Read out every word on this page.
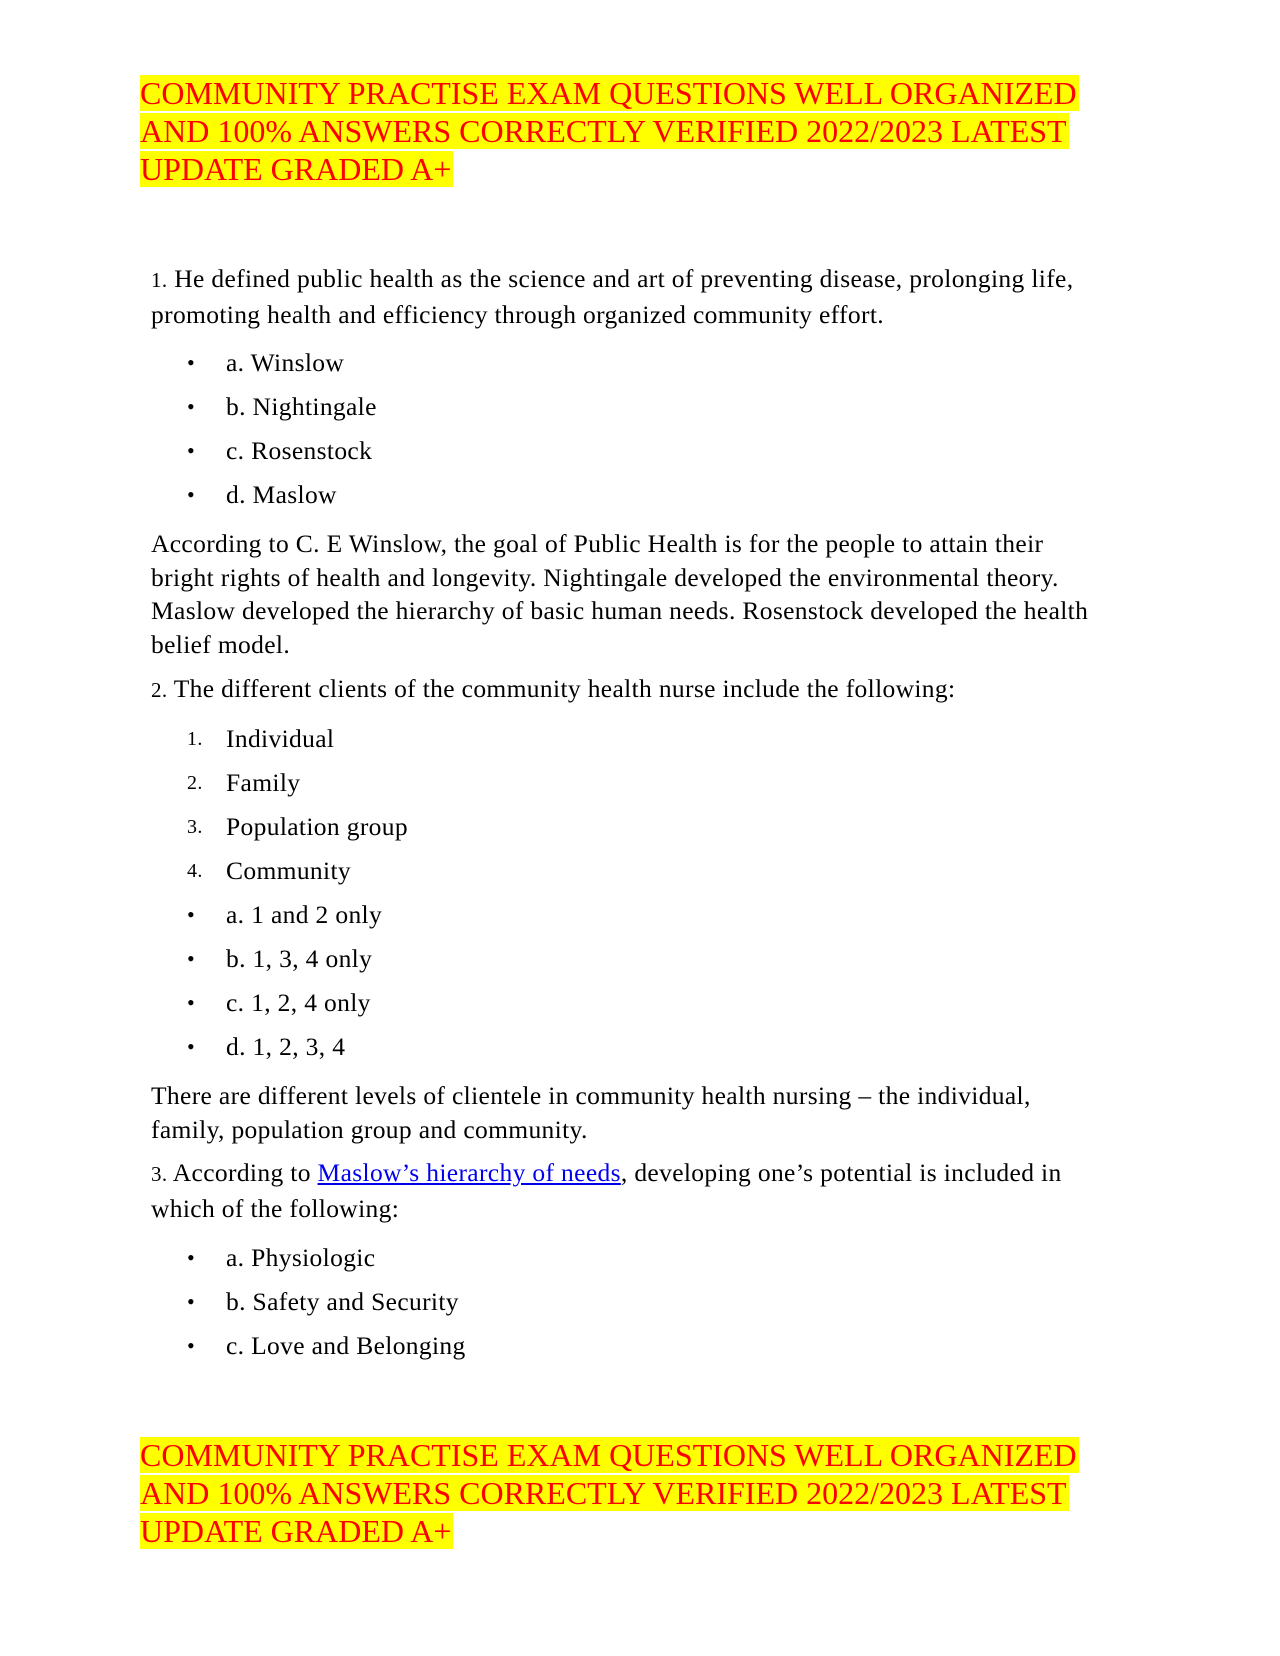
COMMUNITY PRACTISE EXAM QUESTIONS WELL ORGANIZED AND 100% ANSWERS CORRECTLY VERIFIED 2022/2023 LATEST UPDATE GRADED A+

1. He defined public health as the science and art of preventing disease, prolonging life, promoting health and efficiency through organized community effort.

• a. Winslow
• b. Nightingale
• c. Rosenstock
• d. Maslow

According to C. E Winslow, the goal of Public Health is for the people to attain their bright rights of health and longevity. Nightingale developed the environmental theory. Maslow developed the hierarchy of basic human needs. Rosenstock developed the health belief model.

2. The different clients of the community health nurse include the following:

1. Individual
2. Family
3. Population group
4. Community
• a. 1 and 2 only
• b. 1, 3, 4 only
• c. 1, 2, 4 only
• d. 1, 2, 3, 4

There are different levels of clientele in community health nursing – the individual, family, population group and community.

3. According to Maslow’s hierarchy of needs, developing one’s potential is included in which of the following:

• a. Physiologic
• b. Safety and Security
• c. Love and Belonging
COMMUNITY PRACTISE EXAM QUESTIONS WELL ORGANIZED AND 100% ANSWERS CORRECTLY VERIFIED 2022/2023 LATEST UPDATE GRADED A+
